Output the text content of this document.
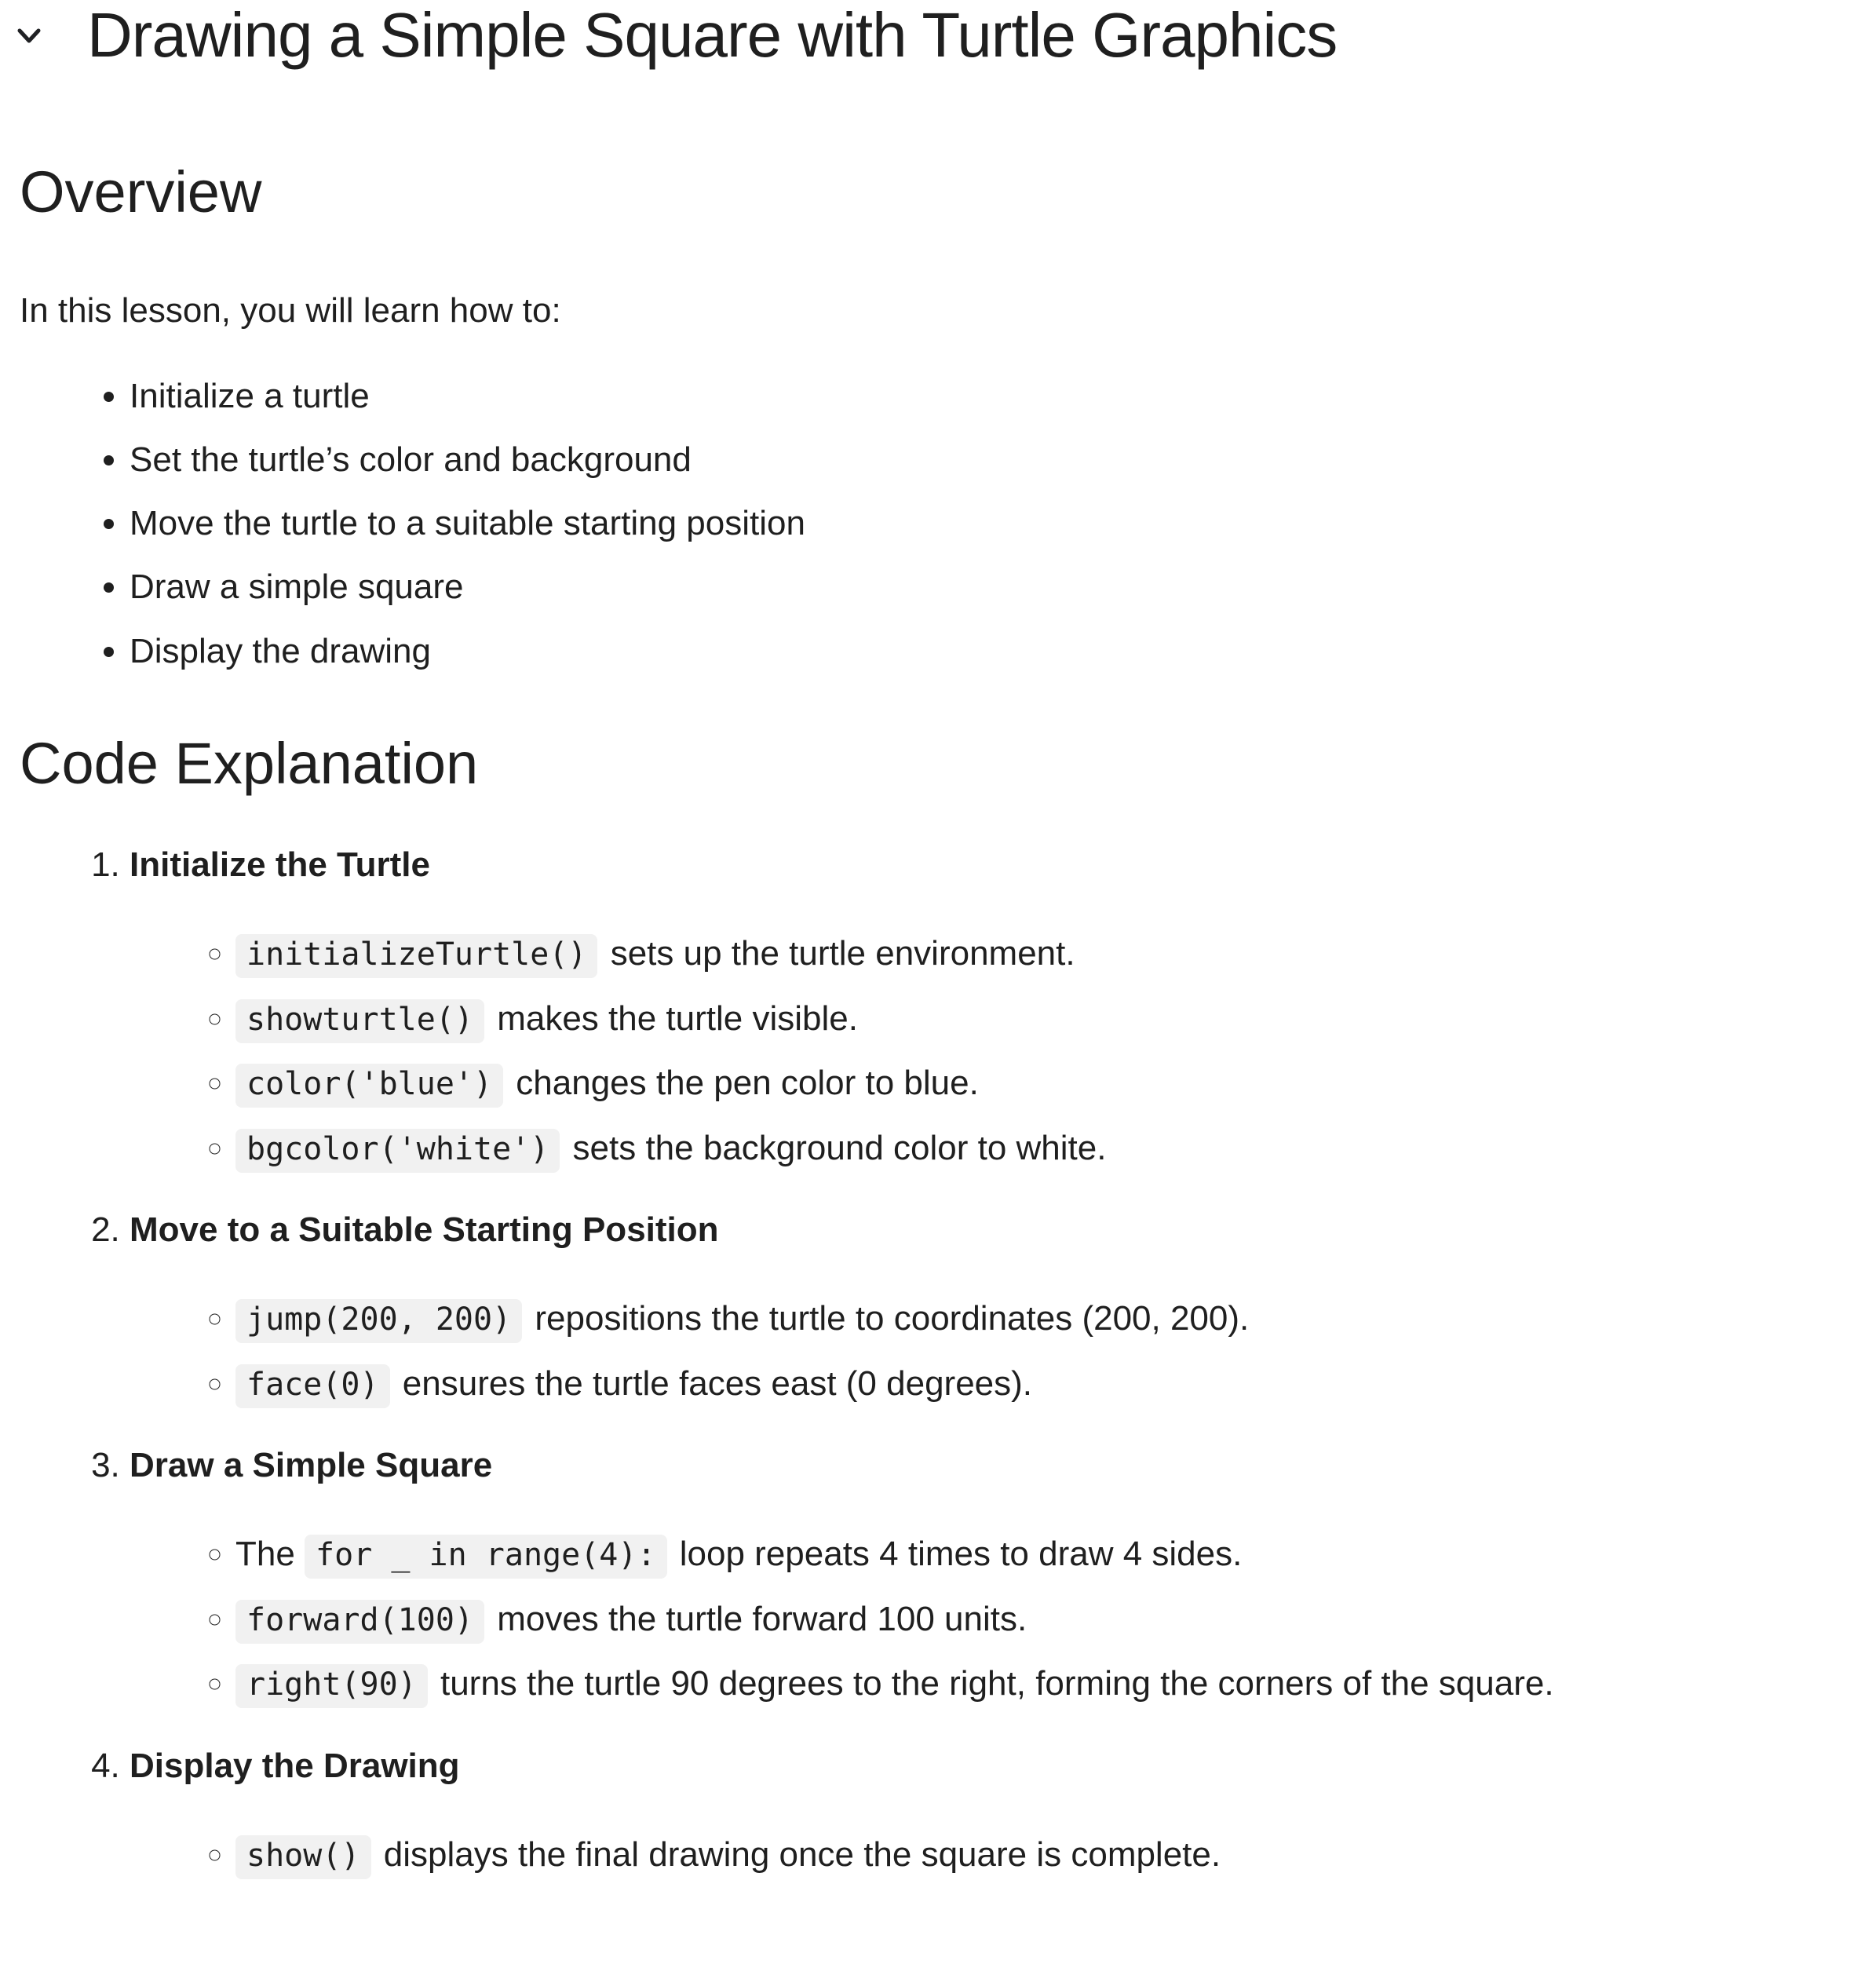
Drawing a Simple Square with Turtle Graphics
Overview

In this lesson, you will learn how to:

• Initialize a turtle
• Set the turtle’s color and background
• Move the turtle to a suitable starting position
• Draw a simple square
• Display the drawing
Code Explanation
1. Initialize the Turtle
◦ initializeTurtle() sets up the turtle environment.
◦ showturtle() makes the turtle visible.
◦ color('blue') changes the pen color to blue.
◦ bgcolor('white') sets the background color to white.
2. Move to a Suitable Starting Position
◦ jump(200, 200) repositions the turtle to coordinates (200, 200).
◦ face(0) ensures the turtle faces east (0 degrees).
3. Draw a Simple Square
◦ The for _ in range(4): loop repeats 4 times to draw 4 sides.
◦ forward(100) moves the turtle forward 100 units.
◦ right(90) turns the turtle 90 degrees to the right, forming the corners of the square.
4. Display the Drawing
◦ show() displays the final drawing once the square is complete.
